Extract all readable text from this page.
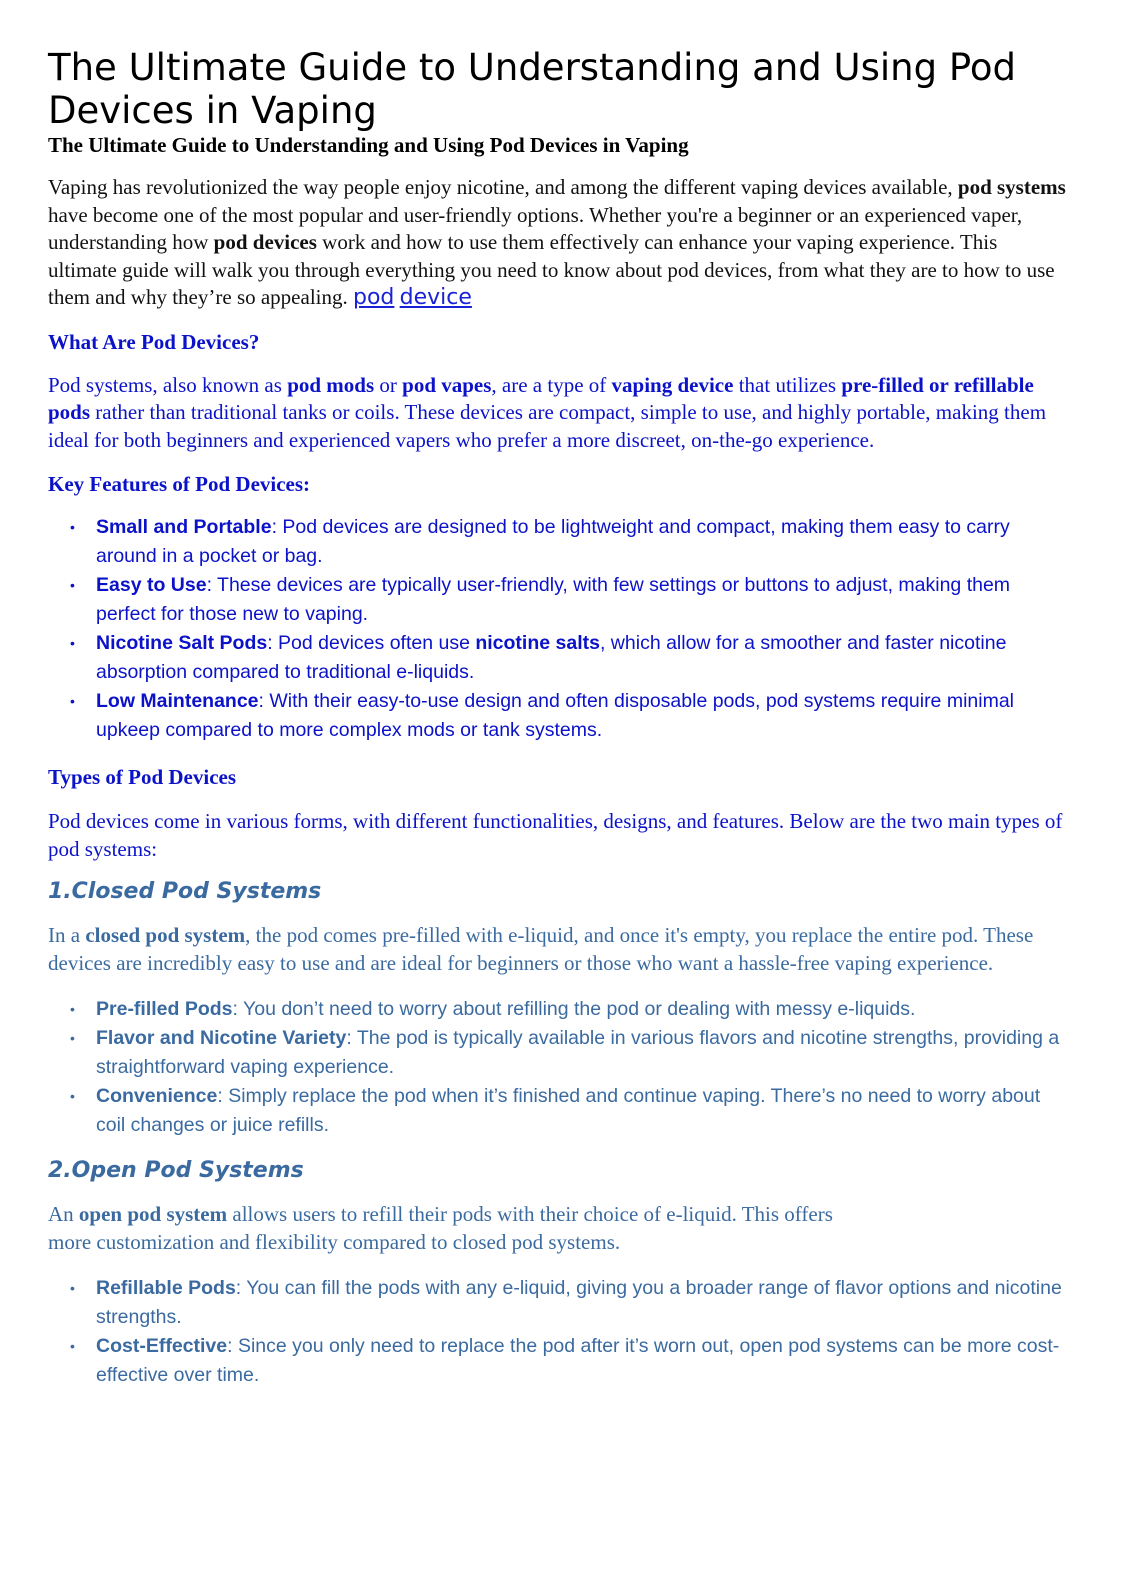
The Ultimate Guide to Understanding and Using Pod Devices in Vaping
The Ultimate Guide to Understanding and Using Pod Devices in Vaping

Vaping has revolutionized the way people enjoy nicotine, and among the different vaping devices available, pod systems have become one of the most popular and user-friendly options. Whether you're a beginner or an experienced vaper, understanding how pod devices work and how to use them effectively can enhance your vaping experience. This ultimate guide will walk you through everything you need to know about pod devices, from what they are to how to use them and why they’re so appealing. pod device

What Are Pod Devices?

Pod systems, also known as pod mods or pod vapes, are a type of vaping device that utilizes pre-filled or refillable pods rather than traditional tanks or coils. These devices are compact, simple to use, and highly portable, making them ideal for both beginners and experienced vapers who prefer a more discreet, on-the-go experience.

Key Features of Pod Devices:
• Small and Portable: Pod devices are designed to be lightweight and compact, making them easy to carry around in a pocket or bag.
• Easy to Use: These devices are typically user-friendly, with few settings or buttons to adjust, making them perfect for those new to vaping.
• Nicotine Salt Pods: Pod devices often use nicotine salts, which allow for a smoother and faster nicotine absorption compared to traditional e-liquids.
• Low Maintenance: With their easy-to-use design and often disposable pods, pod systems require minimal upkeep compared to more complex mods or tank systems.
Types of Pod Devices

Pod devices come in various forms, with different functionalities, designs, and features. Below are the two main types of pod systems:

1.Closed Pod Systems

In a closed pod system, the pod comes pre-filled with e-liquid, and once it's empty, you replace the entire pod. These devices are incredibly easy to use and are ideal for beginners or those who want a hassle-free vaping experience.

• Pre-filled Pods: You don’t need to worry about refilling the pod or dealing with messy e-liquids.
• Flavor and Nicotine Variety: The pod is typically available in various flavors and nicotine strengths, providing a straightforward vaping experience.
• Convenience: Simply replace the pod when it’s finished and continue vaping. There’s no need to worry about coil changes or juice refills.
2.Open Pod Systems

An open pod system allows users to refill their pods with their choice of e-liquid. This offers
more customization and flexibility compared to closed pod systems.

• Refillable Pods: You can fill the pods with any e-liquid, giving you a broader range of flavor options and nicotine strengths.
• Cost-Effective: Since you only need to replace the pod after it’s worn out, open pod systems can be more cost-effective over time.
